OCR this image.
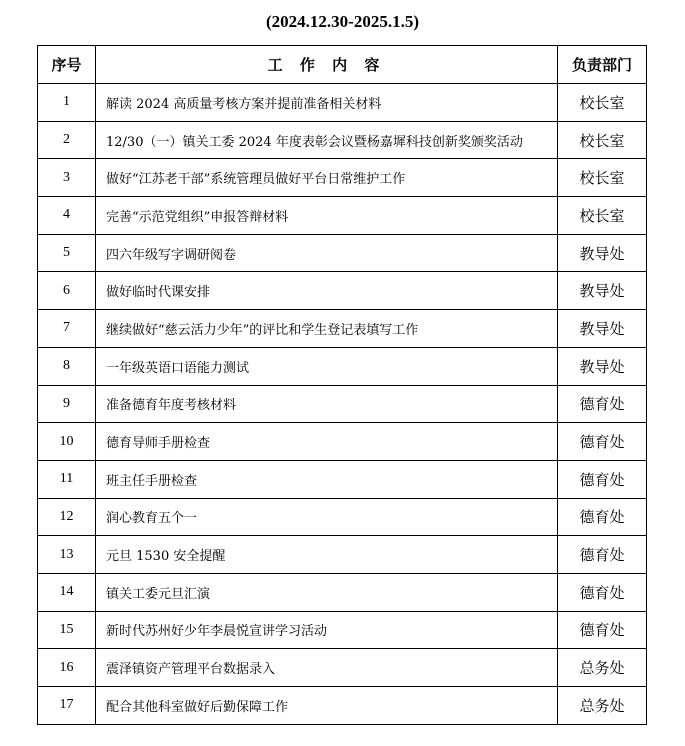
(2024.12.30-2025.1.5)
序号	工 作 内 容	负责部门
1	解读 2024 高质量考核方案并提前准备相关材料	校长室
2	12/30（一）镇关工委 2024 年度表彰会议暨杨嘉墀科技创新奖颁奖活动	校长室
3	做好“江苏老干部”系统管理员做好平台日常维护工作	校长室
4	完善“示范党组织”申报答辩材料	校长室
5	四六年级写字调研阅卷	教导处
6	做好临时代课安排	教导处
7	继续做好“慈云活力少年”的评比和学生登记表填写工作	教导处
8	一年级英语口语能力测试	教导处
9	准备德育年度考核材料	德育处
10	德育导师手册检查	德育处
11	班主任手册检查	德育处
12	润心教育五个一	德育处
13	元旦 1530 安全提醒	德育处
14	镇关工委元旦汇演	德育处
15	新时代苏州好少年李晨悦宣讲学习活动	德育处
16	震泽镇资产管理平台数据录入	总务处
17	配合其他科室做好后勤保障工作	总务处
